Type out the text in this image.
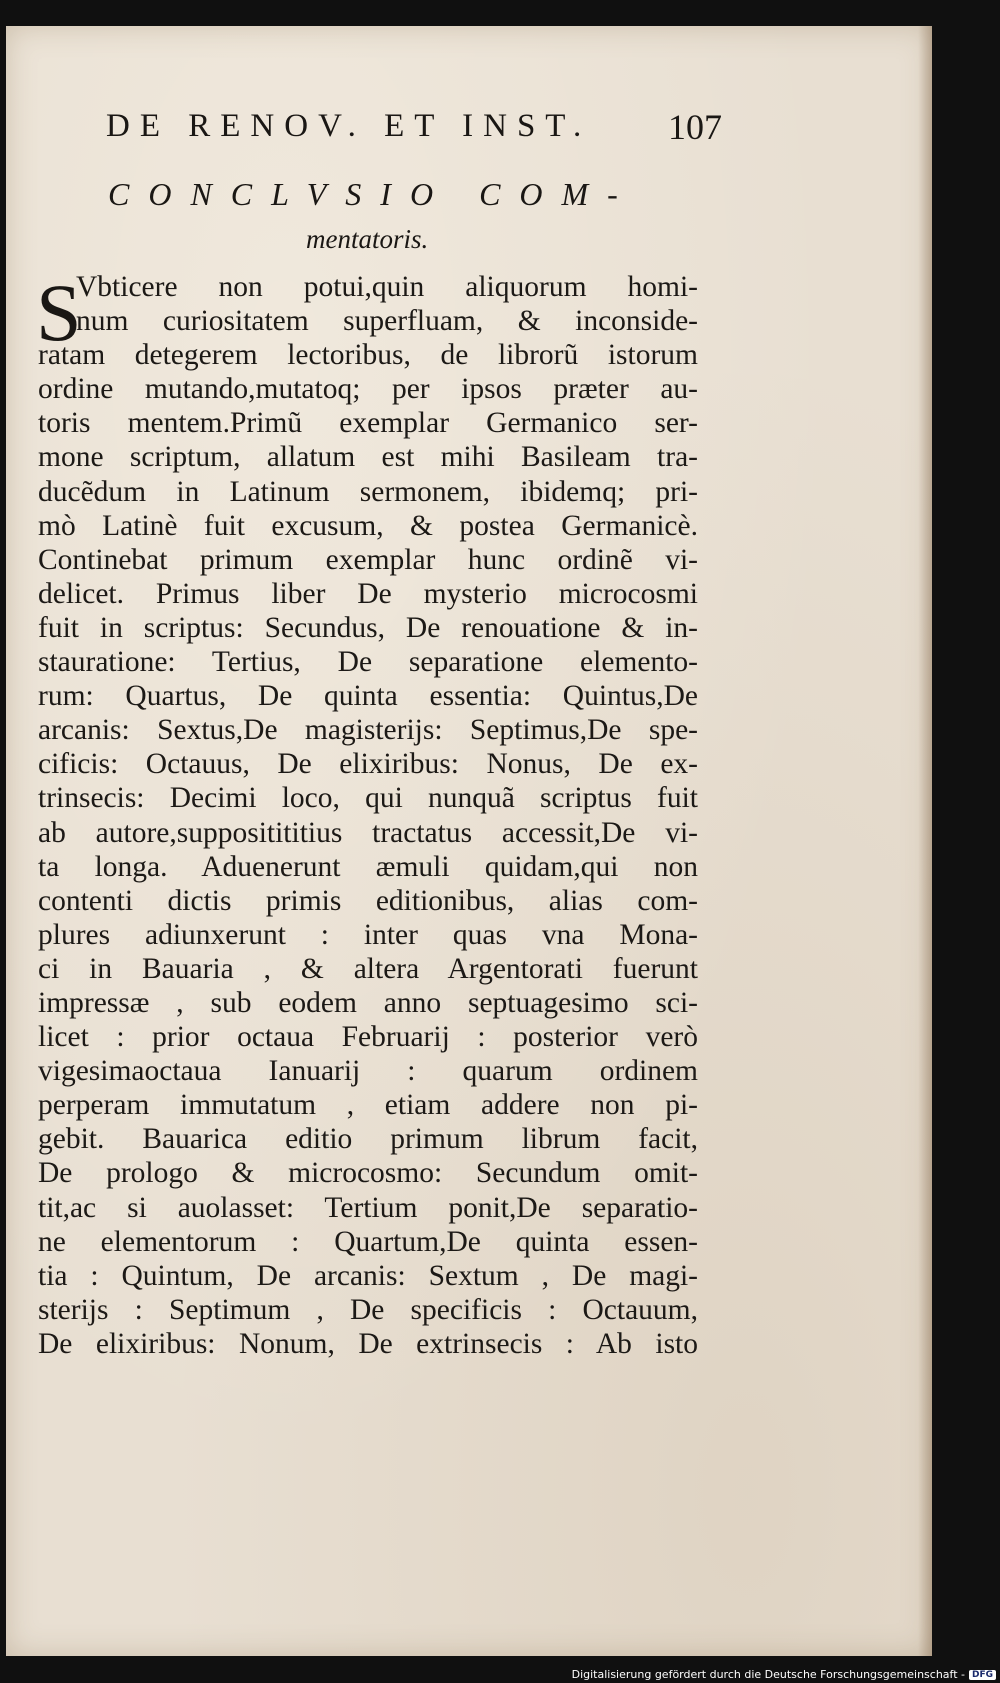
DE RENOV. ET INST.	107
CONCLVSIO COM-
mentatoris.
S
Vbticere non potui,quin aliquorum homi-
num curiositatem superfluam, & inconside-
ratam detegerem lectoribus, de librorũ istorum
ordine mutando,mutatoq; per ipsos præter au-
toris mentem.Primũ exemplar Germanico ser-
mone scriptum, allatum est mihi Basileam tra-
ducẽdum in Latinum sermonem, ibidemq; pri-
mò Latinè fuit excusum, & postea Germanicè.
Continebat primum exemplar hunc ordinẽ vi-
delicet. Primus liber De mysterio microcosmi
fuit in scriptus: Secundus, De renouatione & in-
stauratione: Tertius, De separatione elemento-
rum: Quartus, De quinta essentia: Quintus,De
arcanis: Sextus,De magisterijs: Septimus,De spe-
cificis: Octauus, De elixiribus: Nonus, De ex-
trinsecis: Decimi loco, qui nunquã scriptus fuit
ab autore,suppositititius tractatus accessit,De vi-
ta longa. Aduenerunt æmuli quidam,qui non
contenti dictis primis editionibus, alias com-
plures adiunxerunt : inter quas vna Mona-
ci in Bauaria , & altera Argentorati fuerunt
impressæ , sub eodem anno septuagesimo sci-
licet : prior octaua Februarij : posterior verò
vigesimaoctaua Ianuarij : quarum ordinem
perperam immutatum , etiam addere non pi-
gebit. Bauarica editio primum librum facit,
De prologo & microcosmo: Secundum omit-
tit,ac si auolasset: Tertium ponit,De separatio-
ne elementorum : Quartum,De quinta essen-
tia : Quintum, De arcanis: Sextum , De magi-
sterijs : Septimum , De specificis : Octauum,
De elixiribus: Nonum, De extrinsecis : Ab isto
Digitalisierung gefördert durch die Deutsche Forschungsgemeinschaft - DFG
